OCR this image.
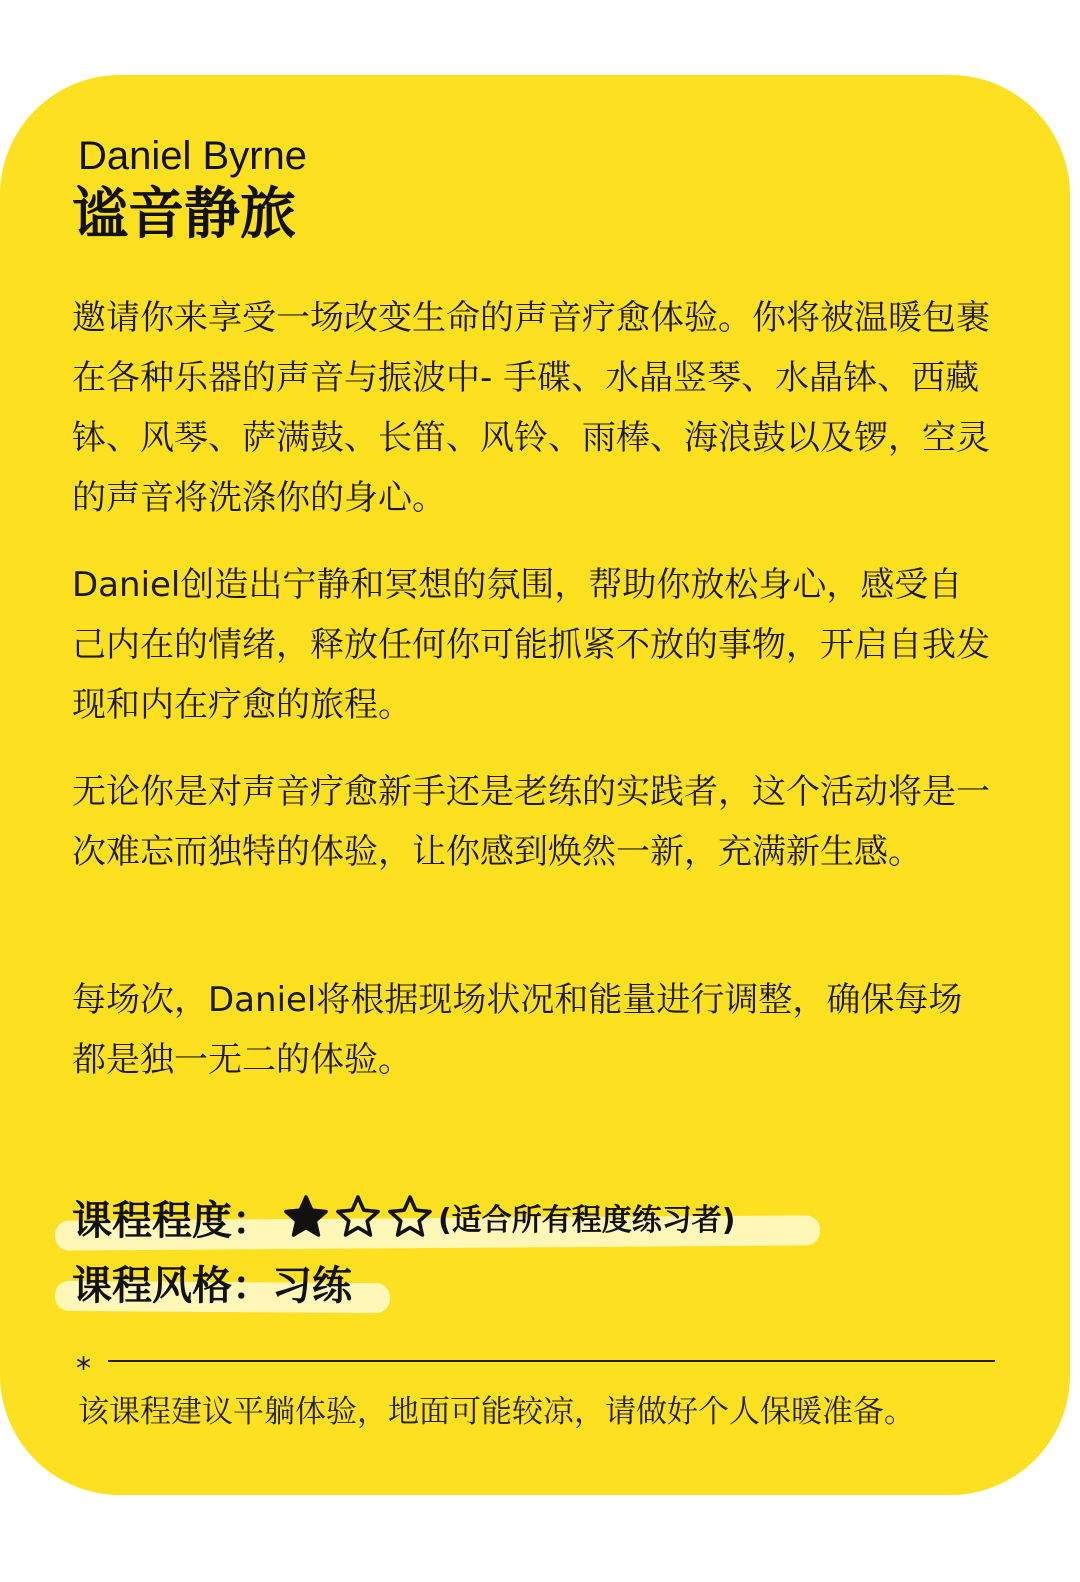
Daniel Byrne
谧音静旅

邀请你来享受一场改变生命的声音疗愈体验。你将被温暖包裹在各种乐器的声音与振波中- 手碟、水晶竖琴、水晶钵、西藏钵、风琴、萨满鼓、长笛、风铃、雨棒、海浪鼓以及锣，空灵的声音将洗涤你的身心。

Daniel创造出宁静和冥想的氛围，帮助你放松身心，感受自己内在的情绪，释放任何你可能抓紧不放的事物，开启自我发现和内在疗愈的旅程。

无论你是对声音疗愈新手还是老练的实践者，这个活动将是一次难忘而独特的体验，让你感到焕然一新，充满新生感。

每场次，Daniel将根据现场状况和能量进行调整，确保每场都是独一无二的体验。

课程程度：	(适合所有程度练习者)
课程风格： 习练
⁎
该课程建议平躺体验，地面可能较凉，请做好个人保暖准备。
